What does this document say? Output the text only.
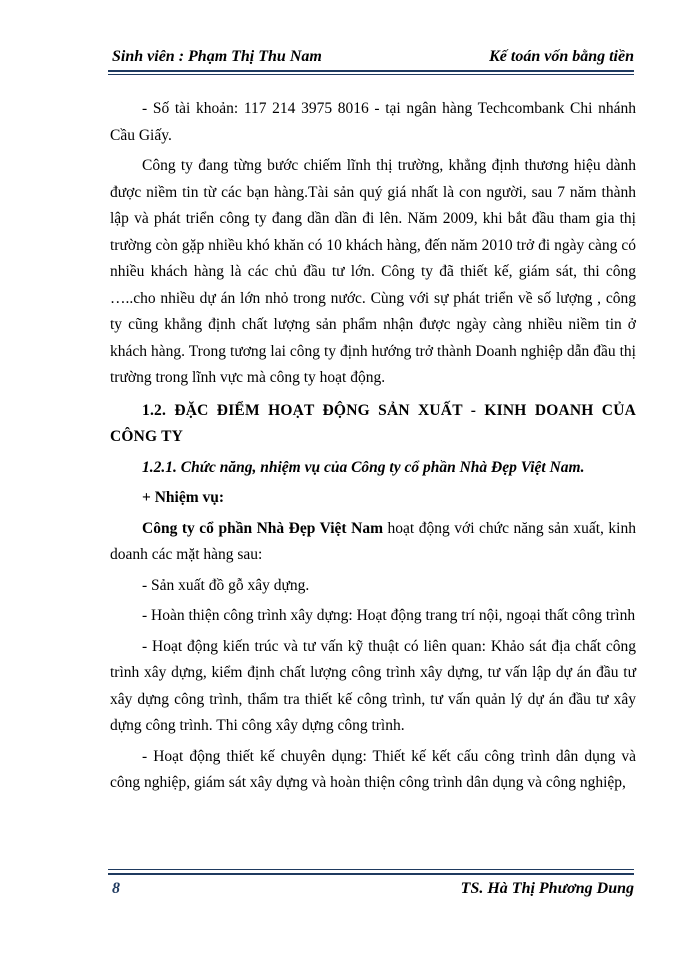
Sinh viên : Phạm Thị Thu Nam	Kế toán vốn bằng tiền

- Số tài khoản: 117 214 3975 8016 - tại ngân hàng Techcombank Chi nhánh Cầu Giấy.

Công ty đang từng bước chiếm lĩnh thị trường, khẳng định thương hiệu dành được niềm tin từ các bạn hàng.Tài sản quý giá nhất là con người, sau 7 năm thành lập và phát triển công ty đang dần dần đi lên. Năm 2009, khi bắt đầu tham gia thị trường còn gặp nhiều khó khăn có 10 khách hàng, đến năm 2010 trở đi ngày càng có nhiều khách hàng là các chủ đầu tư lớn. Công ty đã thiết kế, giám sát, thi công …..cho nhiều dự án lớn nhỏ trong nước. Cùng với sự phát triển về số lượng , công ty cũng khẳng định chất lượng sản phẩm nhận được ngày càng nhiều niềm tin ở khách hàng. Trong tương lai công ty định hướng trở thành Doanh nghiệp dẫn đầu thị trường trong lĩnh vực mà công ty hoạt động.

1.2. ĐẶC ĐIỂM HOẠT ĐỘNG SẢN XUẤT - KINH DOANH CỦA CÔNG TY

1.2.1. Chức năng, nhiệm vụ của Công ty cổ phần Nhà Đẹp Việt Nam.

+ Nhiệm vụ:

Công ty cổ phần Nhà Đẹp Việt Nam hoạt động với chức năng sản xuất, kinh doanh các mặt hàng sau:

- Sản xuất đồ gỗ xây dựng.

- Hoàn thiện công trình xây dựng: Hoạt động trang trí nội, ngoại thất công trình

- Hoạt động kiến trúc và tư vấn kỹ thuật có liên quan: Khảo sát địa chất công trình xây dựng, kiểm định chất lượng công trình xây dựng, tư vấn lập dự án đầu tư xây dựng công trình, thẩm tra thiết kế công trình, tư vấn quản lý dự án đầu tư xây dựng công trình. Thi công xây dựng công trình.

- Hoạt động thiết kế chuyên dụng: Thiết kế kết cấu công trình dân dụng và công nghiệp, giám sát xây dựng và hoàn thiện công trình dân dụng và công nghiệp,

8	TS. Hà Thị Phương Dung
